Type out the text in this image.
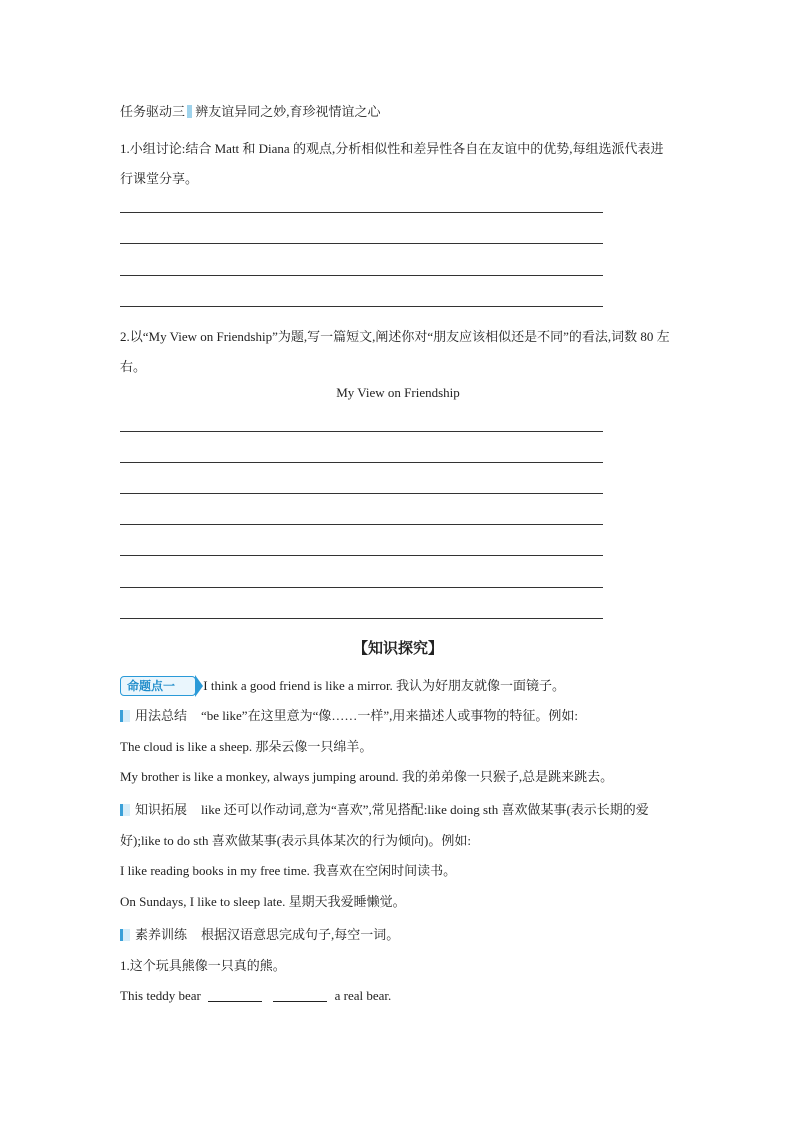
任务驱动三 辨友谊异同之妙,育珍视情谊之心
1.小组讨论:结合 Matt 和 Diana 的观点,分析相似性和差异性各自在友谊中的优势,每组选派代表进行课堂分享。
2.以“My View on Friendship”为题,写一篇短文,阐述你对“朋友应该相似还是不同”的看法,词数 80 左右。
My View on Friendship
【知识探究】
命题点一 I think a good friend is like a mirror. 我认为好朋友就像一面镜子。
用法总结 “be like”在这里意为“像……一样”,用来描述人或事物的特征。例如:
The cloud is like a sheep. 那朵云像一只绵羊。
My brother is like a monkey, always jumping around. 我的弟弟像一只猴子,总是跳来跳去。
知识拓展 like 还可以作动词,意为“喜欢”,常见搭配:like doing sth 喜欢做某事(表示长期的爱好);like to do sth 喜欢做某事(表示具体某次的行为倾向)。例如:
I like reading books in my free time. 我喜欢在空闲时间读书。
On Sundays, I like to sleep late. 星期天我爱睡懒觉。
素养训练 根据汉语意思完成句子,每空一词。
1.这个玩具熊像一只真的熊。
This teddy bear	a real bear.
